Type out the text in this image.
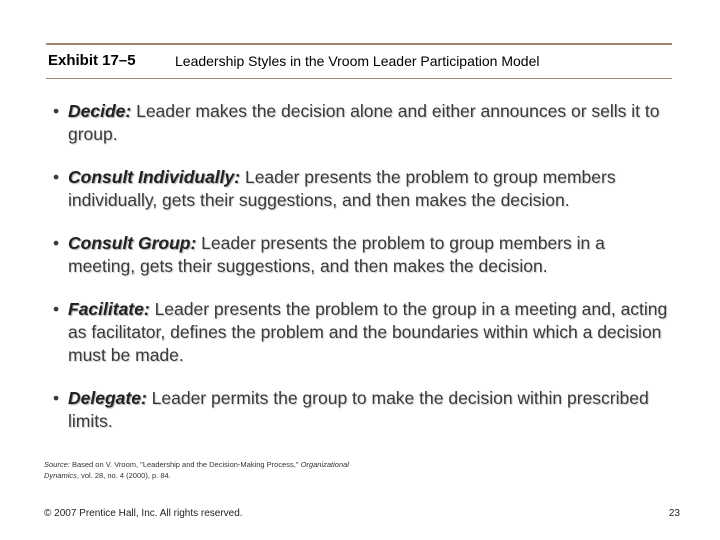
Exhibit 17–5	Leadership Styles in the Vroom Leader Participation Model
• Decide: Leader makes the decision alone and either announces or sells it to group.
• Consult Individually: Leader presents the problem to group members individually, gets their suggestions, and then makes the decision.
• Consult Group: Leader presents the problem to group members in a meeting, gets their suggestions, and then makes the decision.
• Facilitate: Leader presents the problem to the group in a meeting and, acting as facilitator, defines the problem and the boundaries within which a decision must be made.
• Delegate: Leader permits the group to make the decision within prescribed limits.
Source: Based on V. Vroom, "Leadership and the Decision-Making Process," Organizational Dynamics, vol. 28, no. 4 (2000), p. 84.
© 2007 Prentice Hall, Inc. All rights reserved.	23
